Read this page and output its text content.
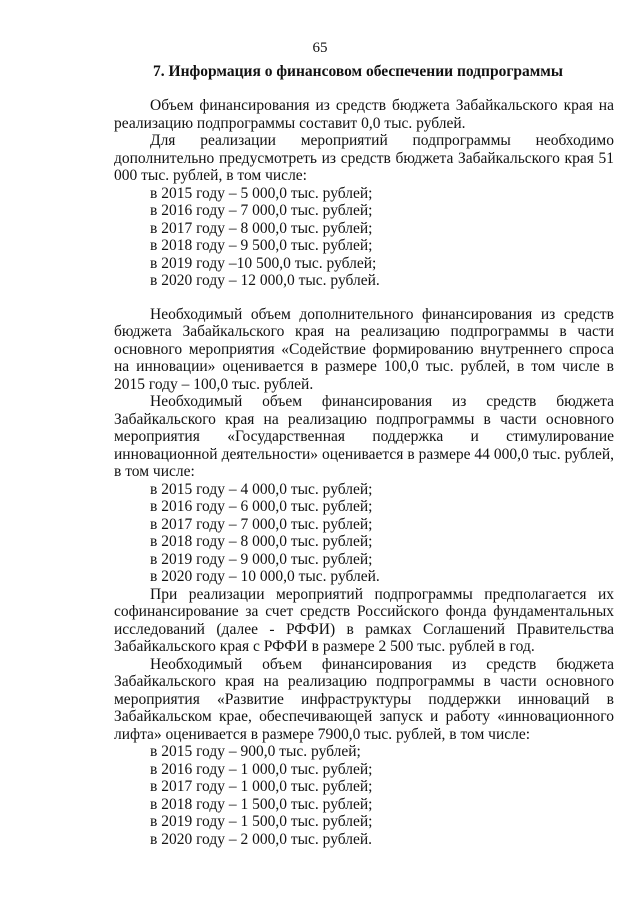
65
7. Информация о финансовом обеспечении подпрограммы

Объем финансирования из средств бюджета Забайкальского края на реализацию подпрограммы составит 0,0 тыс. рублей.

Для реализации мероприятий подпрограммы необходимо дополнительно предусмотреть из средств бюджета Забайкальского края 51 000 тыс. рублей, в том числе:

в 2015 году – 5 000,0 тыс. рублей;
в 2016 году – 7 000,0 тыс. рублей;
в 2017 году – 8 000,0 тыс. рублей;
в 2018 году – 9 500,0 тыс. рублей;
в 2019 году –10 500,0 тыс. рублей;
в 2020 году – 12 000,0 тыс. рублей.

Необходимый объем дополнительного финансирования из средств бюджета Забайкальского края на реализацию подпрограммы в части основного мероприятия «Содействие формированию внутреннего спроса на инновации» оценивается в размере 100,0 тыс. рублей, в том числе в 2015 году – 100,0 тыс. рублей.

Необходимый объем финансирования из средств бюджета Забайкальского края на реализацию подпрограммы в части основного мероприятия «Государственная поддержка и стимулирование инновационной деятельности» оценивается в размере 44 000,0 тыс. рублей, в том числе:

в 2015 году – 4 000,0 тыс. рублей;
в 2016 году – 6 000,0 тыс. рублей;
в 2017 году – 7 000,0 тыс. рублей;
в 2018 году – 8 000,0 тыс. рублей;
в 2019 году – 9 000,0 тыс. рублей;
в 2020 году – 10 000,0 тыс. рублей.

При реализации мероприятий подпрограммы предполагается их софинансирование за счет средств Российского фонда фундаментальных исследований (далее - РФФИ) в рамках Соглашений Правительства Забайкальского края с РФФИ в размере 2 500 тыс. рублей в год.

Необходимый объем финансирования из средств бюджета Забайкальского края на реализацию подпрограммы в части основного мероприятия «Развитие инфраструктуры поддержки инноваций в Забайкальском крае, обеспечивающей запуск и работу «инновационного лифта» оценивается в размере 7900,0 тыс. рублей, в том числе:

в 2015 году – 900,0 тыс. рублей;
в 2016 году – 1 000,0 тыс. рублей;
в 2017 году – 1 000,0 тыс. рублей;
в 2018 году – 1 500,0 тыс. рублей;
в 2019 году – 1 500,0 тыс. рублей;
в 2020 году – 2 000,0 тыс. рублей.
